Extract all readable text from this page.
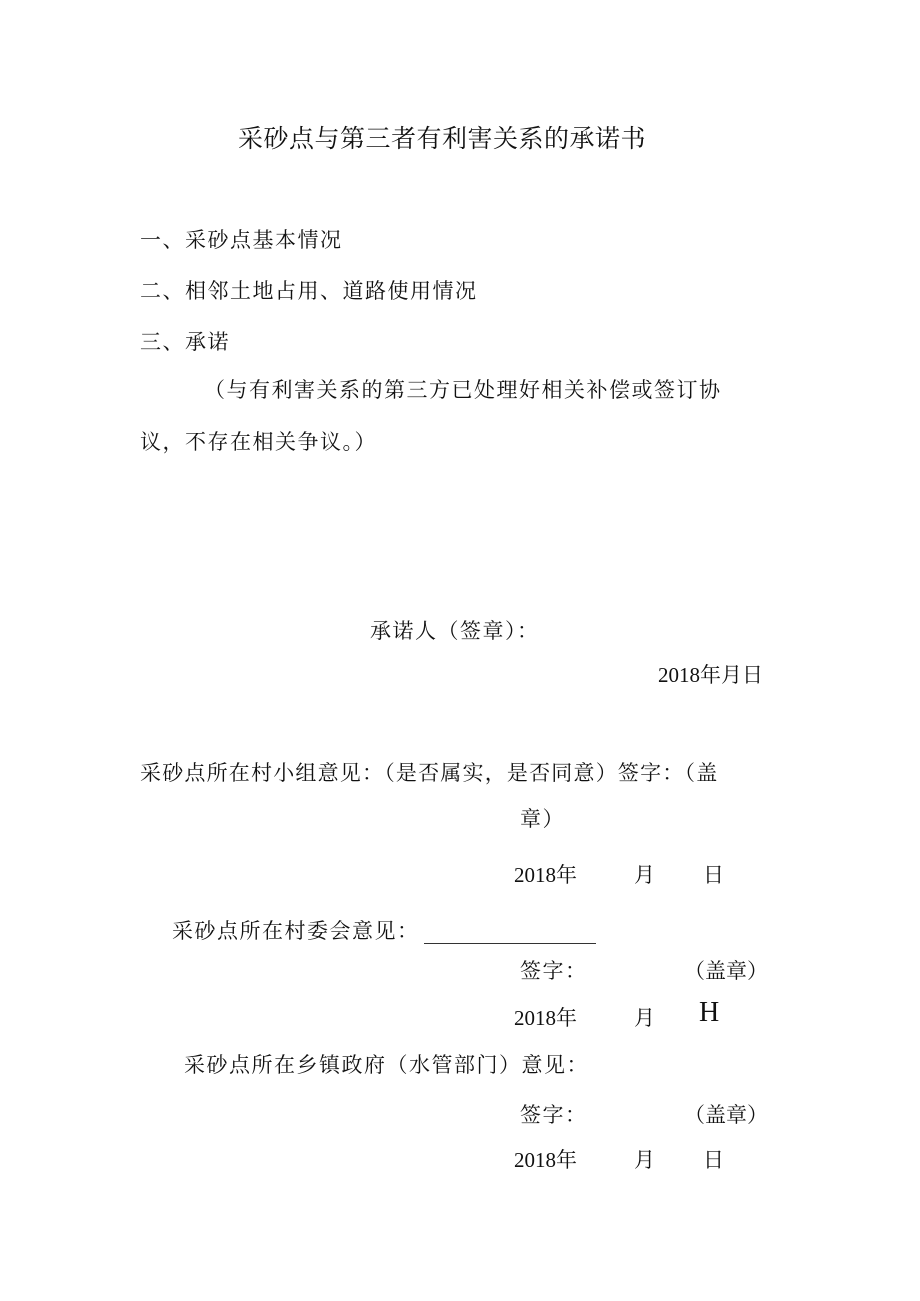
采砂点与第三者有利害关系的承诺书
一、采砂点基本情况
二、相邻土地占用、道路使用情况
三、承诺
（与有利害关系的第三方已处理好相关补偿或签订协
议，不存在相关争议。）
承诺人（签章）：
2018年月日
采砂点所在村小组意见：（是否属实，是否同意）签字：（盖
章）
2018年	月 日
采砂点所在村委会意见：
签字：	（盖章）
2018年	月 H
采砂点所在乡镇政府（水管部门）意见：
签字：	（盖章）
2018年	月 日
